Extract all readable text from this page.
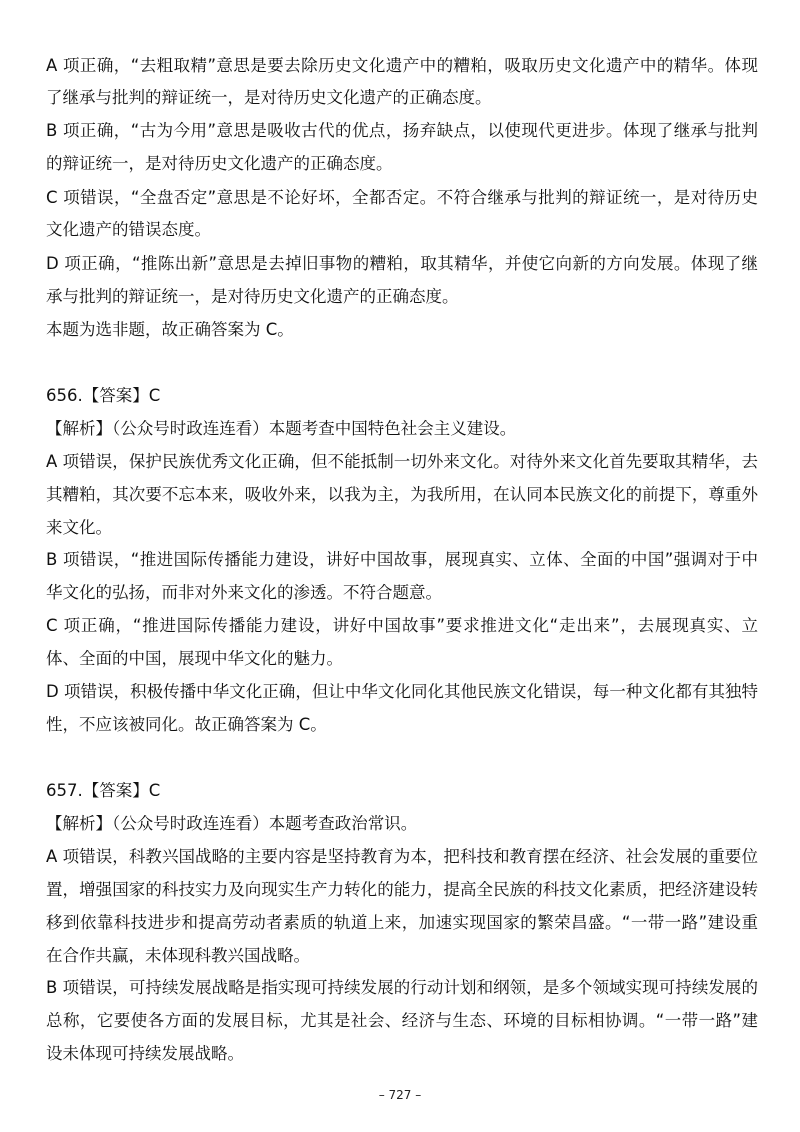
A 项正确，“去粗取精”意思是要去除历史文化遗产中的糟粕，吸取历史文化遗产中的精华。体现

了继承与批判的辩证统一，是对待历史文化遗产的正确态度。

B 项正确，“古为今用”意思是吸收古代的优点，扬弃缺点，以使现代更进步。体现了继承与批判

的辩证统一，是对待历史文化遗产的正确态度。

C 项错误，“全盘否定”意思是不论好坏，全都否定。不符合继承与批判的辩证统一，是对待历史

文化遗产的错误态度。

D 项正确，“推陈出新”意思是去掉旧事物的糟粕，取其精华，并使它向新的方向发展。体现了继

承与批判的辩证统一，是对待历史文化遗产的正确态度。

本题为选非题，故正确答案为 C。

656.【答案】C

【解析】（公众号时政连连看）本题考查中国特色社会主义建设。

A 项错误，保护民族优秀文化正确，但不能抵制一切外来文化。对待外来文化首先要取其精华，去

其糟粕，其次要不忘本来，吸收外来，以我为主，为我所用，在认同本民族文化的前提下，尊重外

来文化。

B 项错误，“推进国际传播能力建设，讲好中国故事，展现真实、立体、全面的中国”强调对于中

华文化的弘扬，而非对外来文化的渗透。不符合题意。

C 项正确，“推进国际传播能力建设，讲好中国故事”要求推进文化“走出来”，去展现真实、立

体、全面的中国，展现中华文化的魅力。

D 项错误，积极传播中华文化正确，但让中华文化同化其他民族文化错误，每一种文化都有其独特

性，不应该被同化。故正确答案为 C。

657.【答案】C

【解析】（公众号时政连连看）本题考查政治常识。

A 项错误，科教兴国战略的主要内容是坚持教育为本，把科技和教育摆在经济、社会发展的重要位

置，增强国家的科技实力及向现实生产力转化的能力，提高全民族的科技文化素质，把经济建设转

移到依靠科技进步和提高劳动者素质的轨道上来，加速实现国家的繁荣昌盛。“一带一路”建设重

在合作共赢，未体现科教兴国战略。

B 项错误，可持续发展战略是指实现可持续发展的行动计划和纲领，是多个领域实现可持续发展的

总称，它要使各方面的发展目标，尤其是社会、经济与生态、环境的目标相协调。“一带一路”建

设未体现可持续发展战略。

– 727 –
